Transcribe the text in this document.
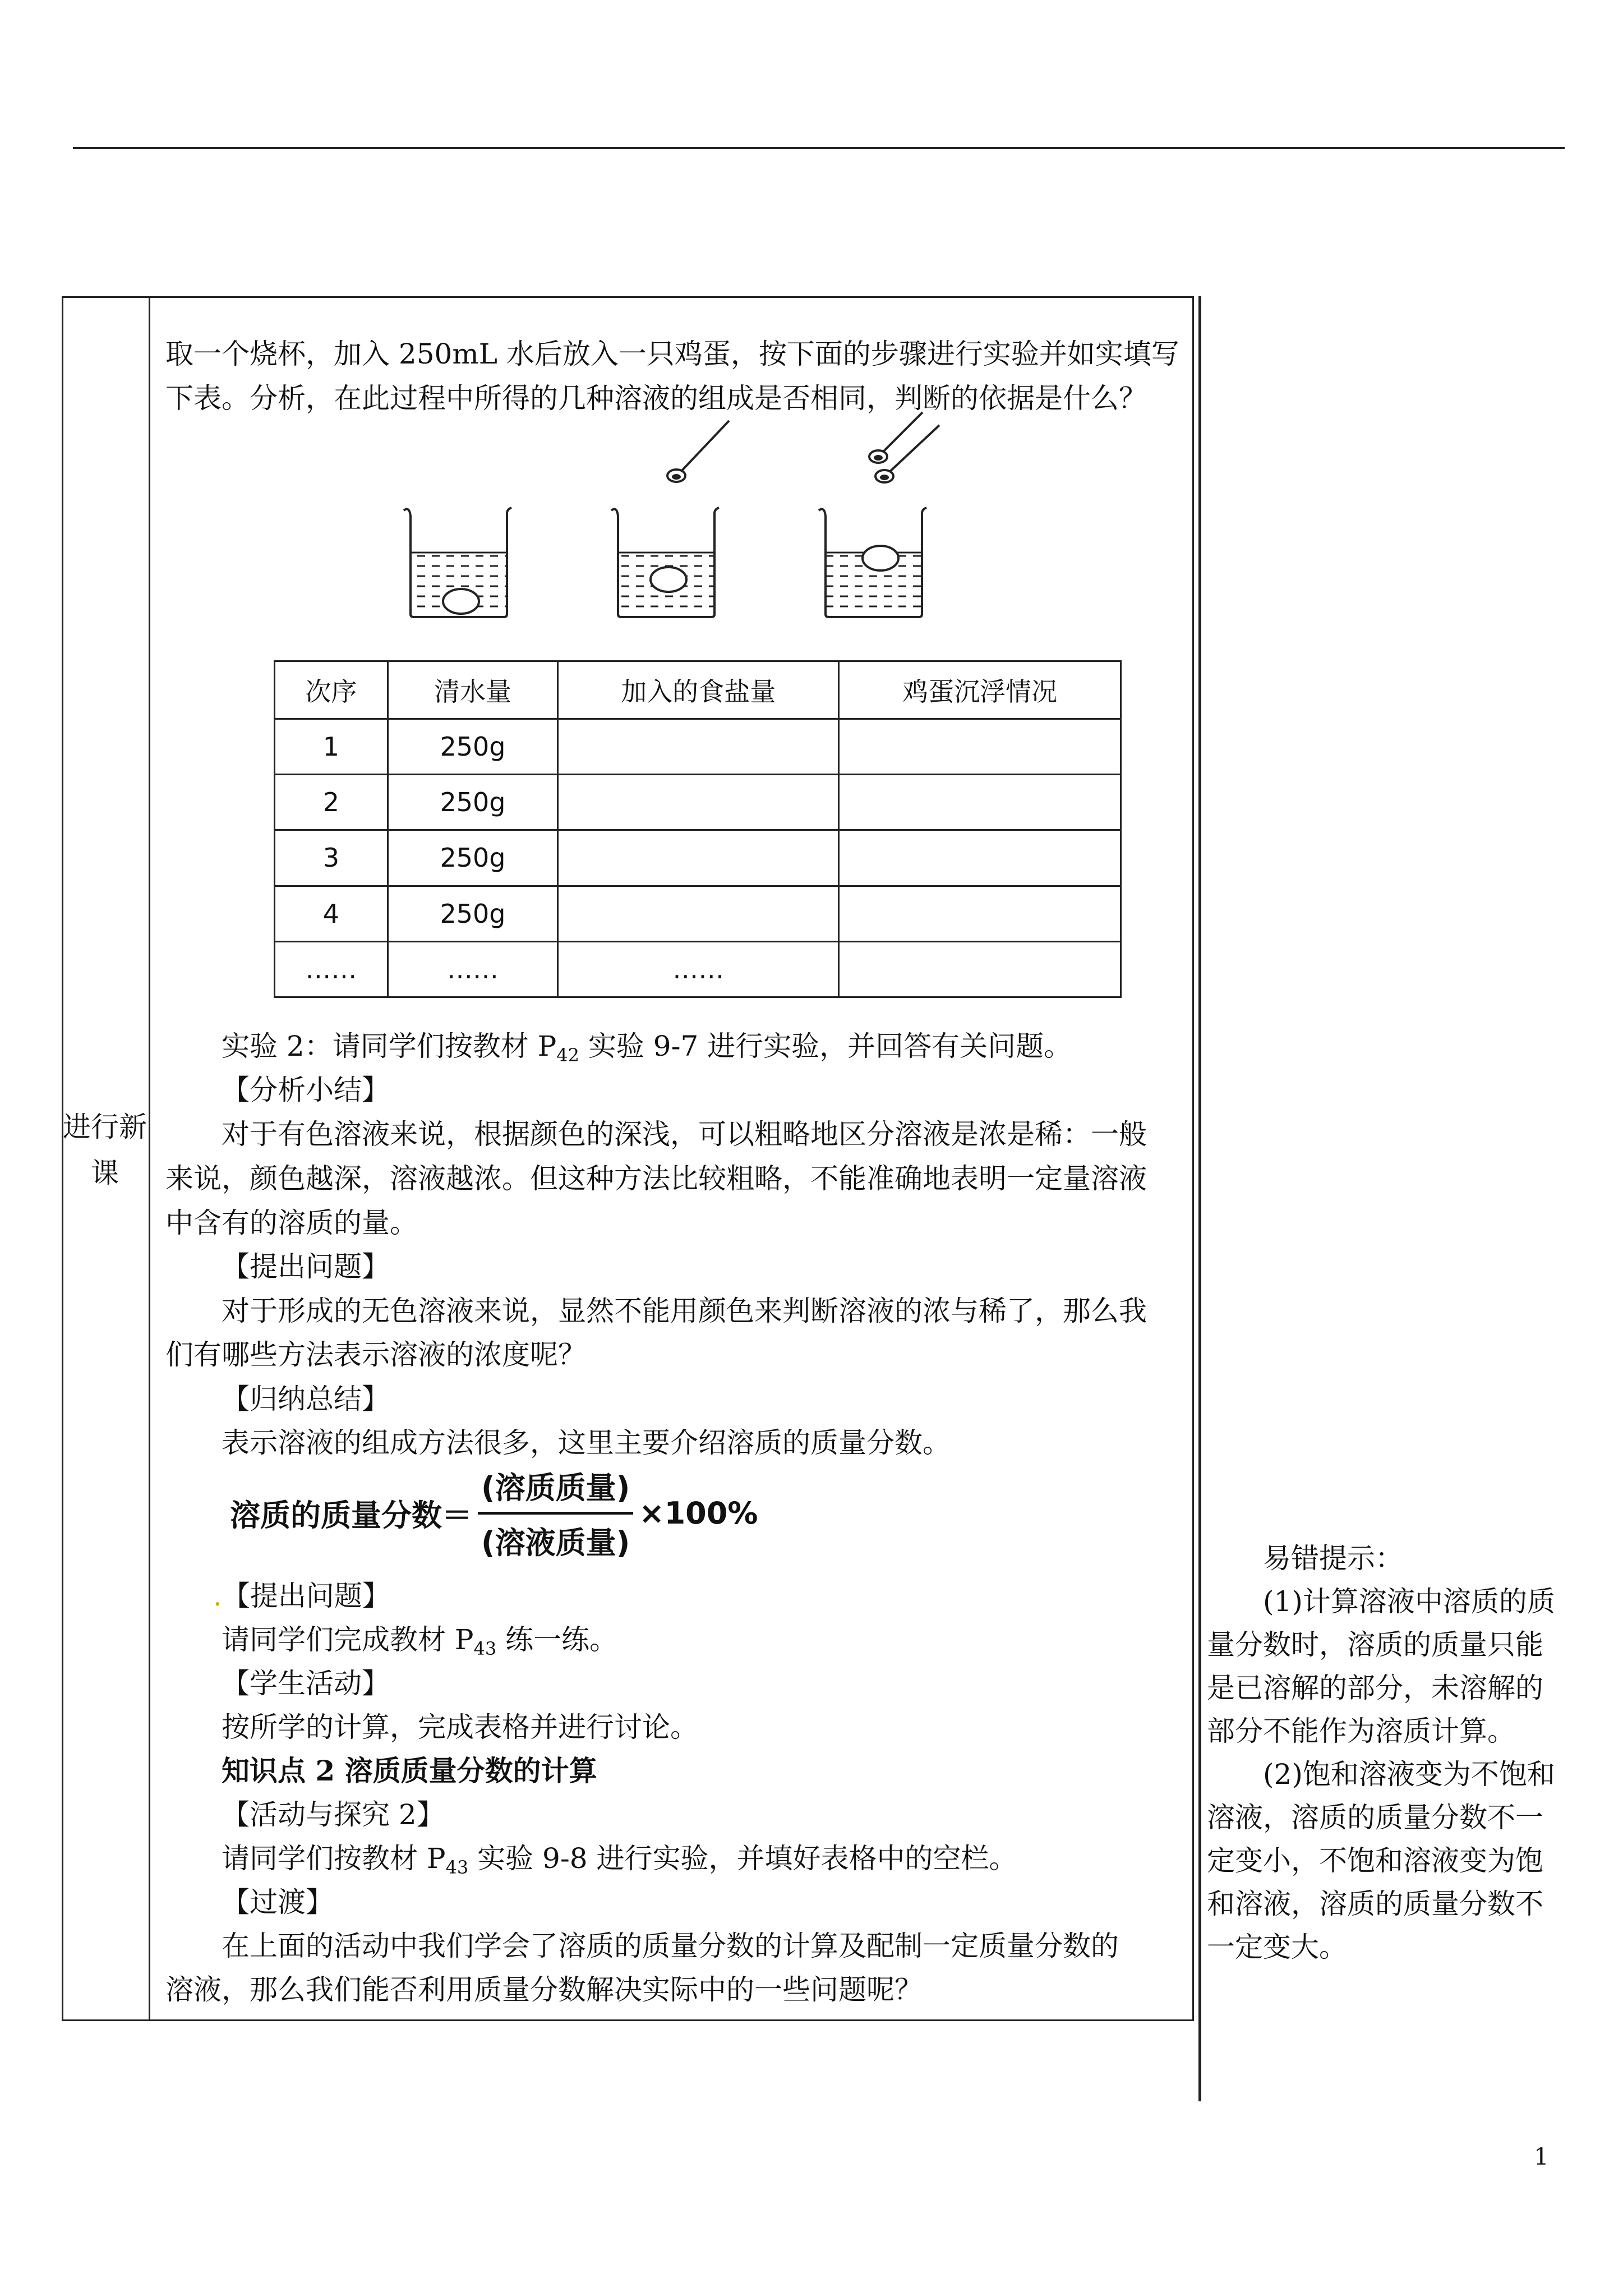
进行新课
取一个烧杯，加入 250mL 水后放入一只鸡蛋，按下面的步骤进行实验并如实填写
下表。分析，在此过程中所得的几种溶液的组成是否相同，判断的依据是什么？
次序	清水量	加入的食盐量	鸡蛋沉浮情况
1	250g		
2	250g		
3	250g		
4	250g		
……	……	……	
实验 2：请同学们按教材 $P_{42}$ 实验 9-7 进行实验，并回答有关问题。
【分析小结】
对于有色溶液来说，根据颜色的深浅，可以粗略地区分溶液是浓是稀：一般
来说，颜色越深，溶液越浓。但这种方法比较粗略，不能准确地表明一定量溶液
中含有的溶质的量。
【提出问题】
对于形成的无色溶液来说，显然不能用颜色来判断溶液的浓与稀了，那么我
们有哪些方法表示溶液的浓度呢？
【归纳总结】
表示溶液的组成方法很多，这里主要介绍溶质的质量分数。
溶质的质量分数＝ $\frac{\text{(溶质质量)}}{\text{(溶液质量)}} \times 100\%$
.【提出问题】
请同学们完成教材 $P_{43}$ 练一练。
【学生活动】
按所学的计算，完成表格并进行讨论。
知识点 2 溶质质量分数的计算
【活动与探究 2】
请同学们按教材 $P_{43}$ 实验 9-8 进行实验，并填好表格中的空栏。
【过渡】
在上面的活动中我们学会了溶质的质量分数的计算及配制一定质量分数的
溶液，那么我们能否利用质量分数解决实际中的一些问题呢？

易错提示：

(1)计算溶液中溶质的质量分数时，溶质的质量只能是已溶解的部分，未溶解的部分不能作为溶质计算。

(2)饱和溶液变为不饱和溶液，溶质的质量分数不一定变小，不饱和溶液变为饱和溶液，溶质的质量分数不一定变大。

1
